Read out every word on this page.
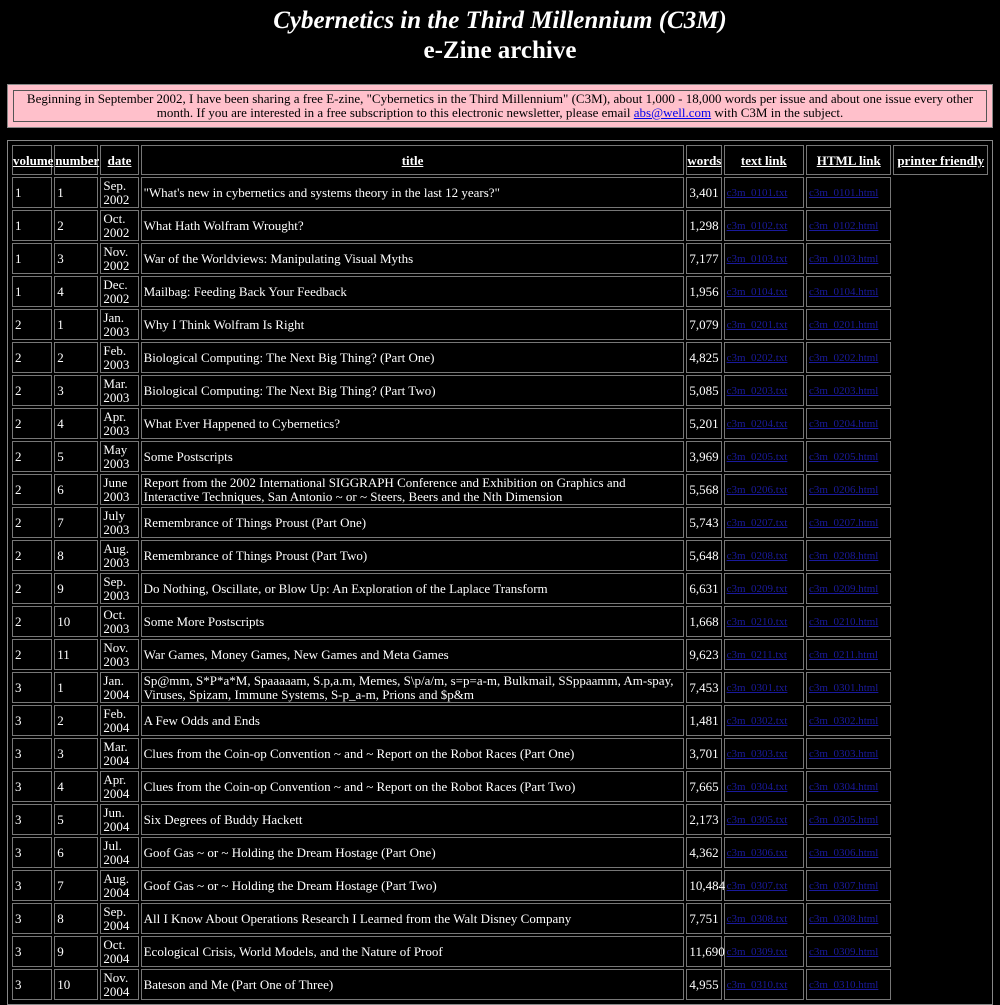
Cybernetics in the Third Millennium (C3M)
e-Zine archive
Beginning in September 2002, I have been sharing a free E-zine, "Cybernetics in the Third Millennium" (C3M), about 1,000 - 18,000 words per issue and about one issue every other month. If you are interested in a free subscription to this electronic newsletter, please email abs@well.com with C3M in the subject.
volume	number	date	title	words	text link	HTML link	printer friendly
1	1	Sep. 2002	"What's new in cybernetics and systems theory in the last 12 years?"	3,401	c3m_0101.txt	c3m_0101.html	
1	2	Oct. 2002	What Hath Wolfram Wrought?	1,298	c3m_0102.txt	c3m_0102.html	
1	3	Nov. 2002	War of the Worldviews: Manipulating Visual Myths	7,177	c3m_0103.txt	c3m_0103.html	
1	4	Dec. 2002	Mailbag: Feeding Back Your Feedback	1,956	c3m_0104.txt	c3m_0104.html	
2	1	Jan. 2003	Why I Think Wolfram Is Right	7,079	c3m_0201.txt	c3m_0201.html	
2	2	Feb. 2003	Biological Computing: The Next Big Thing? (Part One)	4,825	c3m_0202.txt	c3m_0202.html	
2	3	Mar. 2003	Biological Computing: The Next Big Thing? (Part Two)	5,085	c3m_0203.txt	c3m_0203.html	
2	4	Apr. 2003	What Ever Happened to Cybernetics?	5,201	c3m_0204.txt	c3m_0204.html	
2	5	May 2003	Some Postscripts	3,969	c3m_0205.txt	c3m_0205.html	
2	6	June 2003	Report from the 2002 International SIGGRAPH Conference and Exhibition on Graphics and Interactive Techniques, San Antonio ~ or ~ Steers, Beers and the Nth Dimension	5,568	c3m_0206.txt	c3m_0206.html	
2	7	July 2003	Remembrance of Things Proust (Part One)	5,743	c3m_0207.txt	c3m_0207.html	
2	8	Aug. 2003	Remembrance of Things Proust (Part Two)	5,648	c3m_0208.txt	c3m_0208.html	
2	9	Sep. 2003	Do Nothing, Oscillate, or Blow Up: An Exploration of the Laplace Transform	6,631	c3m_0209.txt	c3m_0209.html	
2	10	Oct. 2003	Some More Postscripts	1,668	c3m_0210.txt	c3m_0210.html	
2	11	Nov. 2003	War Games, Money Games, New Games and Meta Games	9,623	c3m_0211.txt	c3m_0211.html	
3	1	Jan. 2004	Sp@mm, S*P*a*M, Spaaaaam, S.p,a.m, Memes, S\p/a/m, s=p=a-m, Bulkmail, SSppaamm, Am-spay, Viruses, Spizam, Immune Systems, S-p_a-m, Prions and $p&m	7,453	c3m_0301.txt	c3m_0301.html	
3	2	Feb. 2004	A Few Odds and Ends	1,481	c3m_0302.txt	c3m_0302.html	
3	3	Mar. 2004	Clues from the Coin-op Convention ~ and ~ Report on the Robot Races (Part One)	3,701	c3m_0303.txt	c3m_0303.html	
3	4	Apr. 2004	Clues from the Coin-op Convention ~ and ~ Report on the Robot Races (Part Two)	7,665	c3m_0304.txt	c3m_0304.html	
3	5	Jun. 2004	Six Degrees of Buddy Hackett	2,173	c3m_0305.txt	c3m_0305.html	
3	6	Jul. 2004	Goof Gas ~ or ~ Holding the Dream Hostage (Part One)	4,362	c3m_0306.txt	c3m_0306.html	
3	7	Aug. 2004	Goof Gas ~ or ~ Holding the Dream Hostage (Part Two)	10,484	c3m_0307.txt	c3m_0307.html	
3	8	Sep. 2004	All I Know About Operations Research I Learned from the Walt Disney Company	7,751	c3m_0308.txt	c3m_0308.html	
3	9	Oct. 2004	Ecological Crisis, World Models, and the Nature of Proof	11,690	c3m_0309.txt	c3m_0309.html	
3	10	Nov. 2004	Bateson and Me (Part One of Three)	4,955	c3m_0310.txt	c3m_0310.html	
